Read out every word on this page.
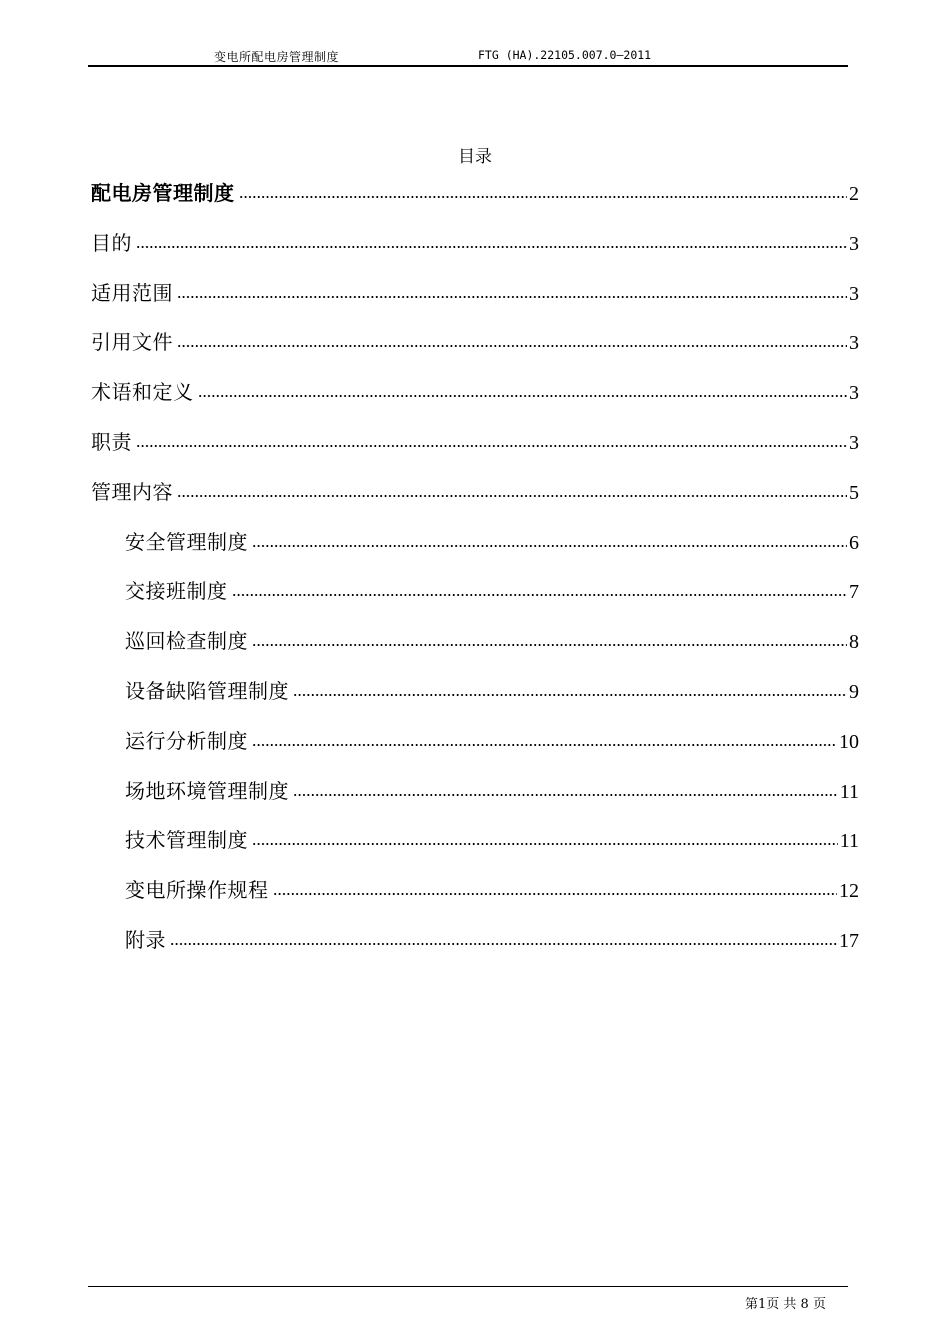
变电所配电房管理制度	FTG (HA).22105.007.0—2011
目录
配电房管理制度	2
目的	3
适用范围	3
引用文件	3
术语和定义	3
职责	3
管理内容	5
安全管理制度	6
交接班制度	7
巡回检查制度	8
设备缺陷管理制度	9
运行分析制度	10
场地环境管理制度	11
技术管理制度	11
变电所操作规程	12
附录	17
第1页 共 8 页
